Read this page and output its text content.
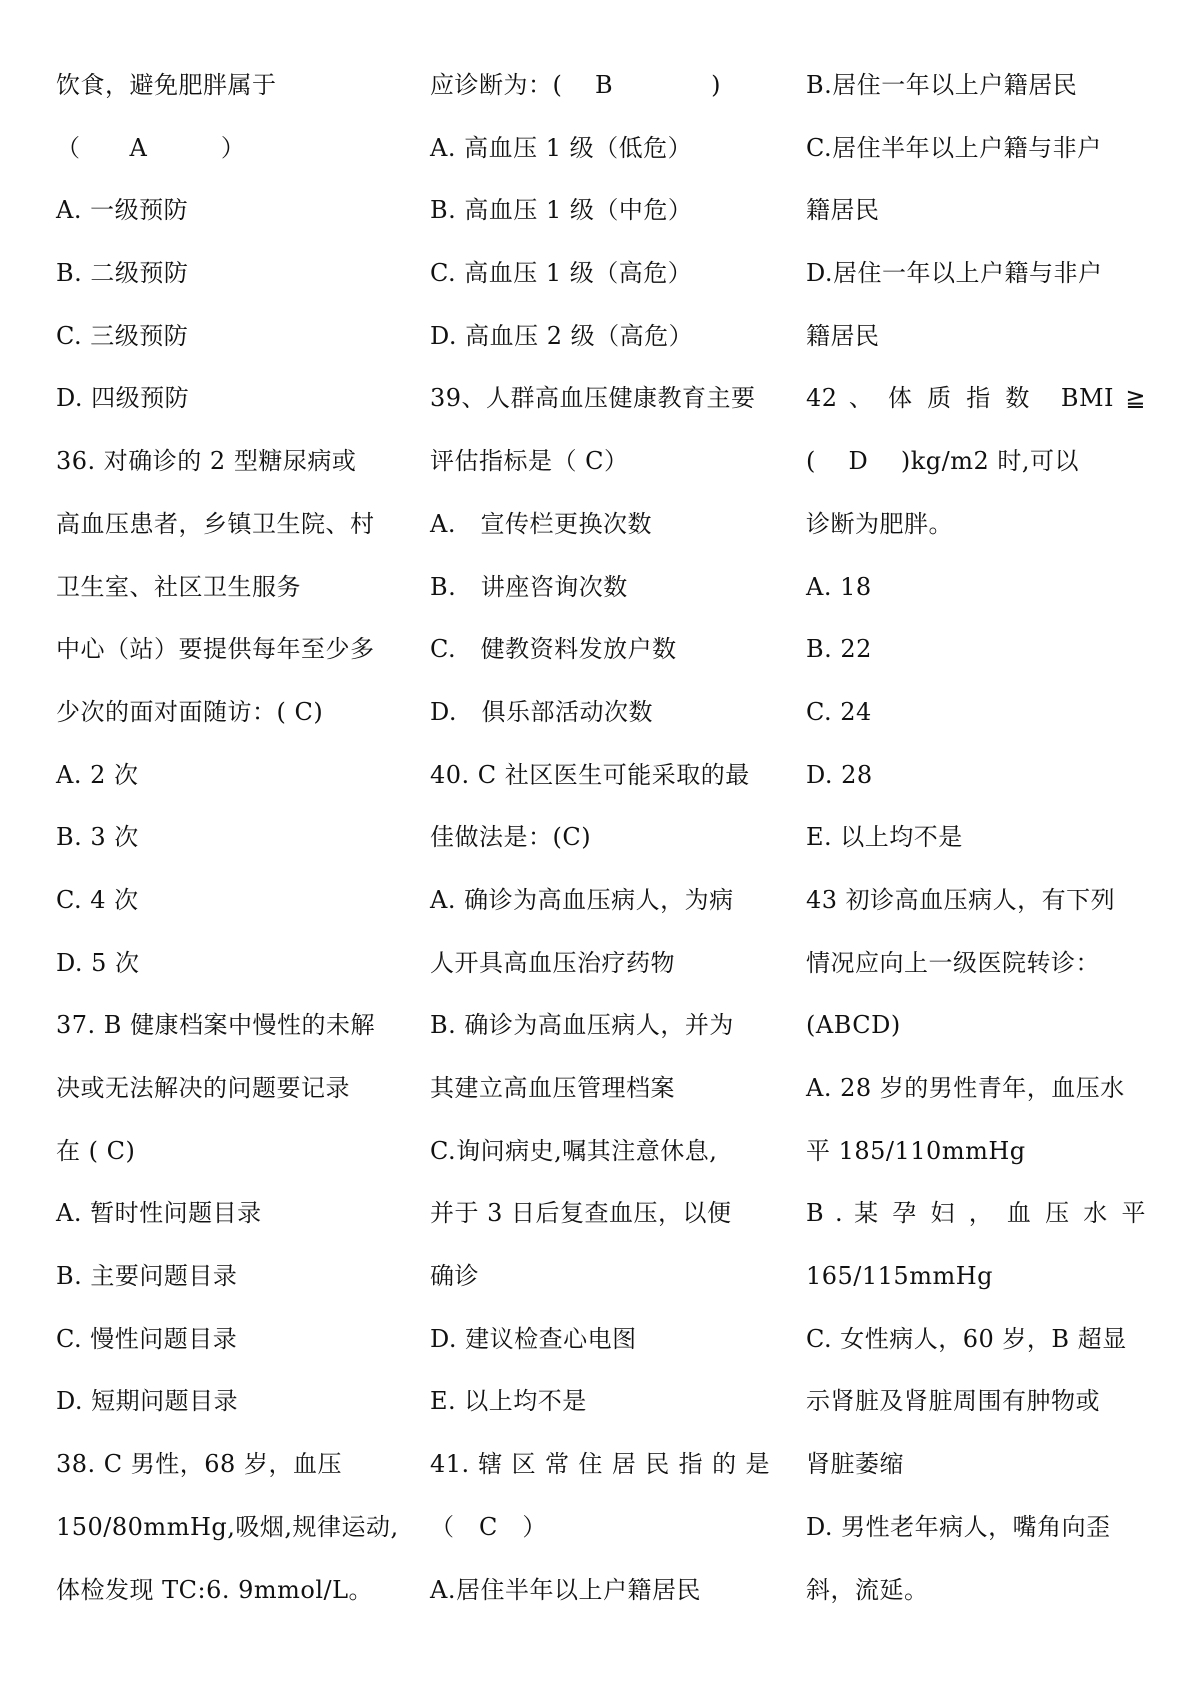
饮食，避免肥胖属于
（　　A　　　）
A. 一级预防
B. 二级预防
C. 三级预防
D. 四级预防
36. 对确诊的 2 型糖尿病或
高血压患者，乡镇卫生院、村
卫生室、社区卫生服务
中心（站）要提供每年至少多
少次的面对面随访：( C)
A. 2 次
B. 3 次
C. 4 次
D. 5 次
37. B 健康档案中慢性的未解
决或无法解决的问题要记录
在 ( C)
A. 暂时性问题目录
B. 主要问题目录
C. 慢性问题目录
D. 短期问题目录
38. C 男性，68 岁，血压
150/80mmHg,吸烟,规律运动,
体检发现 TC:6. 9mmol/L。
应诊断为：(　 B　　　　)
A. 高血压 1 级（低危）
B. 高血压 1 级（中危）
C. 高血压 1 级（高危）
D. 高血压 2 级（高危）
39、人群高血压健康教育主要
评估指标是（ C）
A.　宣传栏更换次数
B.　讲座咨询次数
C.　健教资料发放户数
D.　俱乐部活动次数
40. C 社区医生可能采取的最
佳做法是：(C)
A. 确诊为高血压病人，为病
人开具高血压治疗药物
B. 确诊为高血压病人，并为
其建立高血压管理档案
C.询问病史,嘱其注意休息,
并于 3 日后复查血压，以便
确诊
D. 建议检查心电图
E. 以上均不是
41. 辖 区 常 住 居 民 指 的 是
（　C　）
A.居住半年以上户籍居民
B.居住一年以上户籍居民
C.居住半年以上户籍与非户
籍居民
D.居住一年以上户籍与非户
籍居民
42 、 体 质 指 数　BMI ≧
(　 D　 )kg/m2 时,可以
诊断为肥胖。
A. 18
B. 22
C. 24
D. 28
E. 以上均不是
43 初诊高血压病人，有下列
情况应向上一级医院转诊：
(ABCD)
A. 28 岁的男性青年，血压水
平 185/110mmHg
B . 某 孕 妇 ， 血 压 水 平
165/115mmHg
C. 女性病人，60 岁，B 超显
示肾脏及肾脏周围有肿物或
肾脏萎缩
D. 男性老年病人，嘴角向歪
斜，流延。
